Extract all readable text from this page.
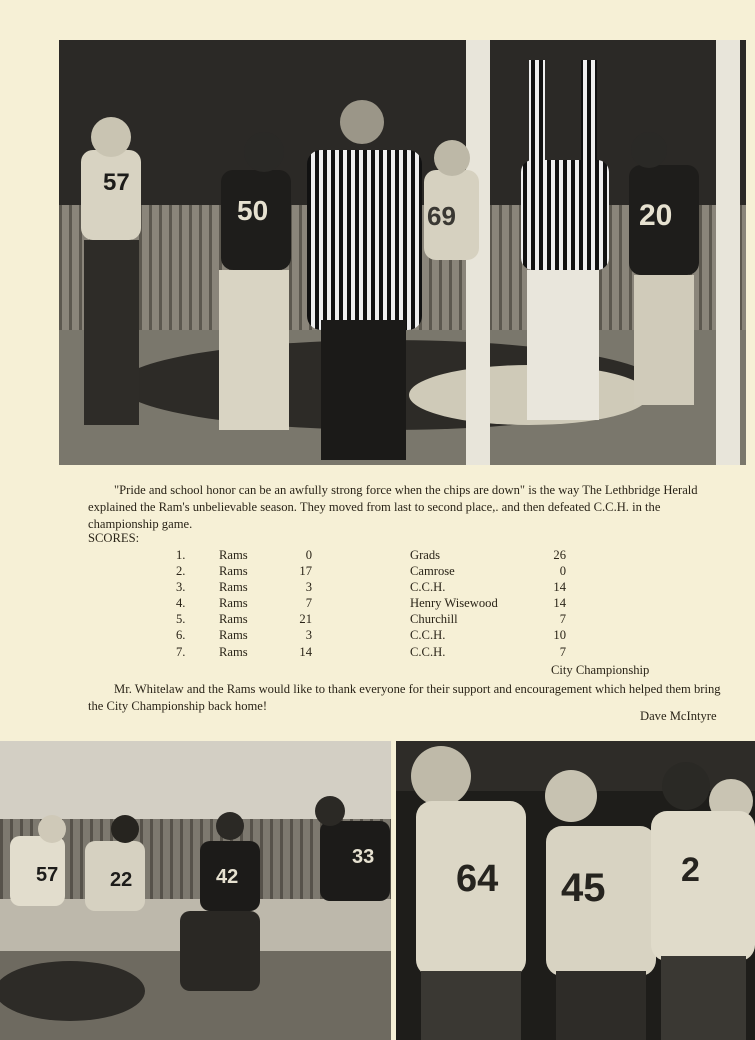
57
50	69	20

"Pride and school honor can be an awfully strong force when the chips are down" is the way The Lethbridge Herald explained the Ram's unbelievable season. They moved from last to second place,. and then defeated C.C.H. in the championship game.

SCORES:
1.	Rams	0	Grads	26
2.	Rams	17	Camrose	0
3.	Rams	3	C.C.H.	14
4.	Rams	7	Henry Wisewood	14
5.	Rams	21	Churchill	7
6.	Rams	3	C.C.H.	10
7.	Rams	14	C.C.H.	7
City Championship

Mr. Whitelaw and the Rams would like to thank everyone for their support and encouragement which helped them bring the City Championship back home!

Dave McIntyre
57	22	42
33
64 45 2
